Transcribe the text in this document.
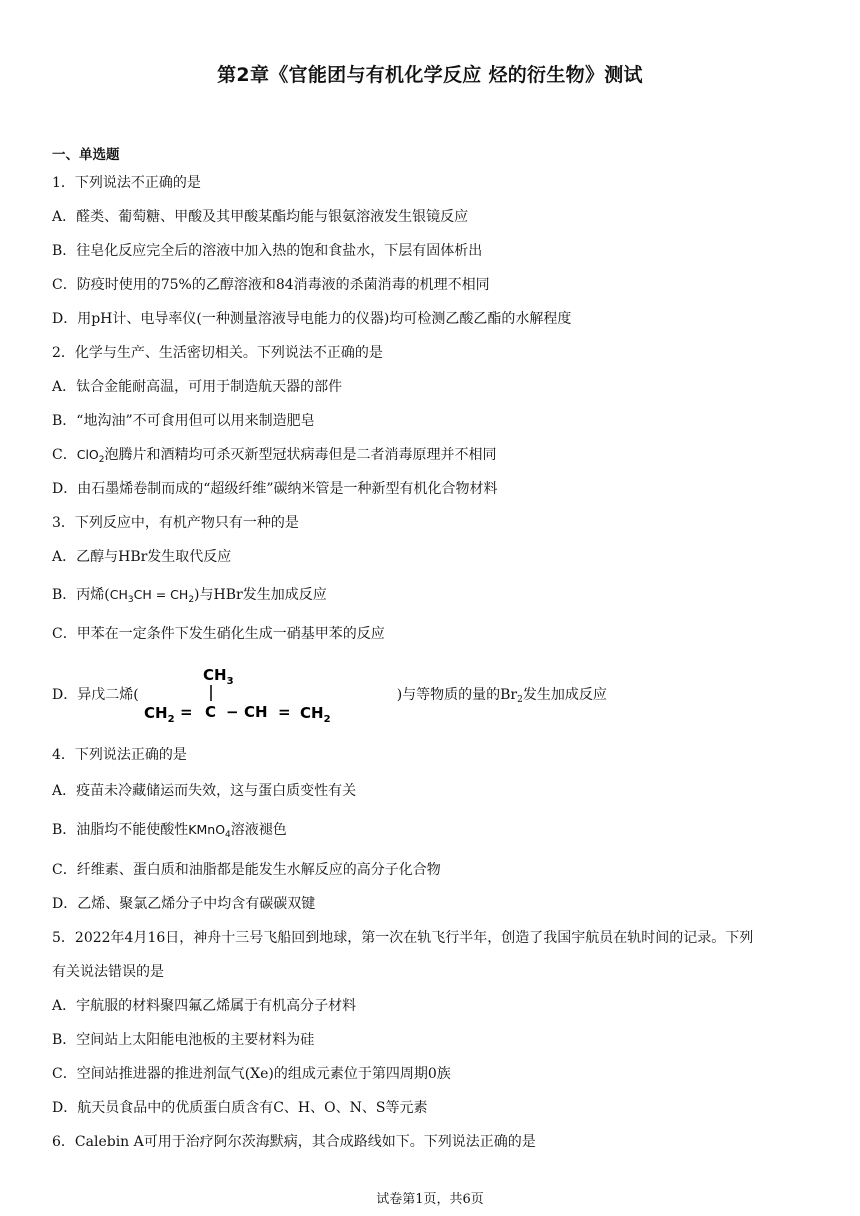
第2章《官能团与有机化学反应 烃的衍生物》测试
一、单选题
1．下列说法不正确的是
A．醛类、葡萄糖、甲酸及其甲酸某酯均能与银氨溶液发生银镜反应
B．往皂化反应完全后的溶液中加入热的饱和食盐水，下层有固体析出
C．防疫时使用的75%的乙醇溶液和84消毒液的杀菌消毒的机理不相同
D．用pH计、电导率仪(一种测量溶液导电能力的仪器)均可检测乙酸乙酯的水解程度
2．化学与生产、生活密切相关。下列说法不正确的是
A．钛合金能耐高温，可用于制造航天器的部件
B．“地沟油”不可食用但可以用来制造肥皂
C．ClO$_2$泡腾片和酒精均可杀灭新型冠状病毒但是二者消毒原理并不相同
D．由石墨烯卷制而成的“超级纤维”碳纳米管是一种新型有机化合物材料
3．下列反应中，有机产物只有一种的是
A．乙醇与HBr发生取代反应
B．丙烯$(CH_3CH = CH_2)$与HBr发生加成反应
C．甲苯在一定条件下发生硝化生成一硝基甲苯的反应
D．异戊二烯(	)与等物质的量的$Br_2$发生加成反应
$CH_3$
$CH_2 = C$ − CH = $CH_2$
4．下列说法正确的是
A．疫苗未冷藏储运而失效，这与蛋白质变性有关
B．油脂均不能使酸性KMnO$_4$溶液褪色
C．纤维素、蛋白质和油脂都是能发生水解反应的高分子化合物
D．乙烯、聚氯乙烯分子中均含有碳碳双键
5．2022年4月16日，神舟十三号飞船回到地球，第一次在轨飞行半年，创造了我国宇航员在轨时间的记录。下列
有关说法错误的是
A．宇航服的材料聚四氟乙烯属于有机高分子材料
B．空间站上太阳能电池板的主要材料为硅
C．空间站推进器的推进剂氙气(Xe)的组成元素位于第四周期0族
D．航天员食品中的优质蛋白质含有C、H、O、N、S等元素
6．Calebin A可用于治疗阿尔茨海默病，其合成路线如下。下列说法正确的是
试卷第1页，共6页
